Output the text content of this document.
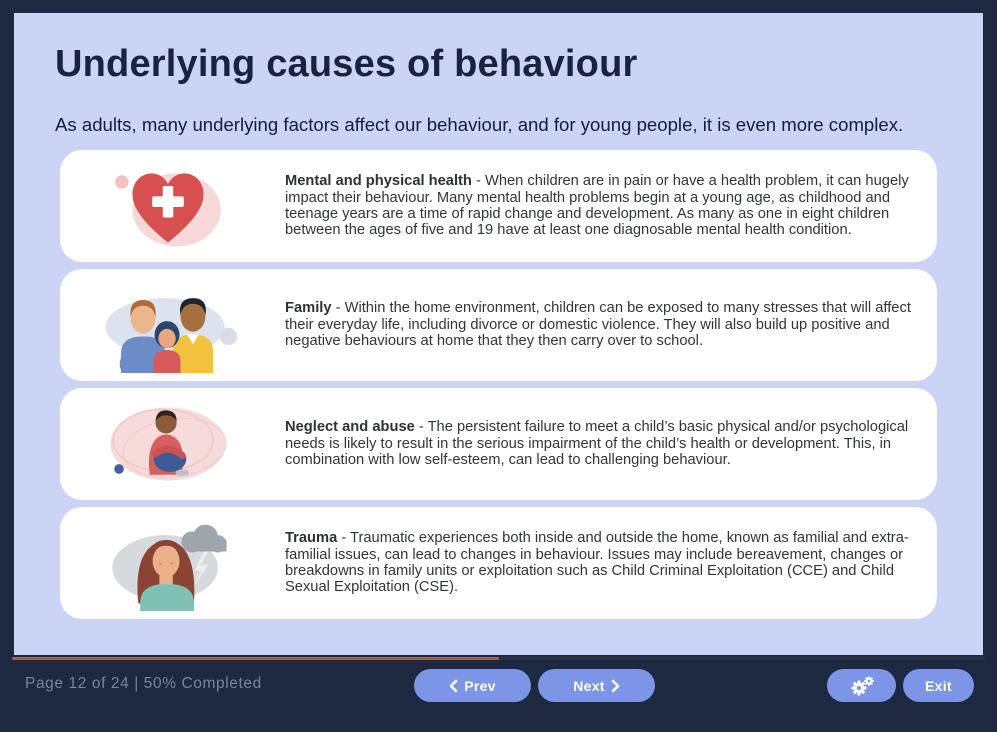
Underlying causes of behaviour

As adults, many underlying factors affect our behaviour, and for young people, it is even more complex.

Mental and physical health - When children are in pain or have a health problem, it can hugely impact their behaviour. Many mental health problems begin at a young age, as childhood and teenage years are a time of rapid change and development. As many as one in eight children between the ages of five and 19 have at least one diagnosable mental health condition.

Family - Within the home environment, children can be exposed to many stresses that will affect their everyday life, including divorce or domestic violence. They will also build up positive and negative behaviours at home that they then carry over to school.

Neglect and abuse - The persistent failure to meet a child’s basic physical and/or psychological needs is likely to result in the serious impairment of the child’s health or development. This, in combination with low self-esteem, can lead to challenging behaviour.

Trauma - Traumatic experiences both inside and outside the home, known as familial and extra-familial issues, can lead to changes in behaviour. Issues may include bereavement, changes or breakdowns in family units or exploitation such as Child Criminal Exploitation (CCE) and Child Sexual Exploitation (CSE).

Page 12 of 24 | 50% Completed	Prev	Next	Exit
